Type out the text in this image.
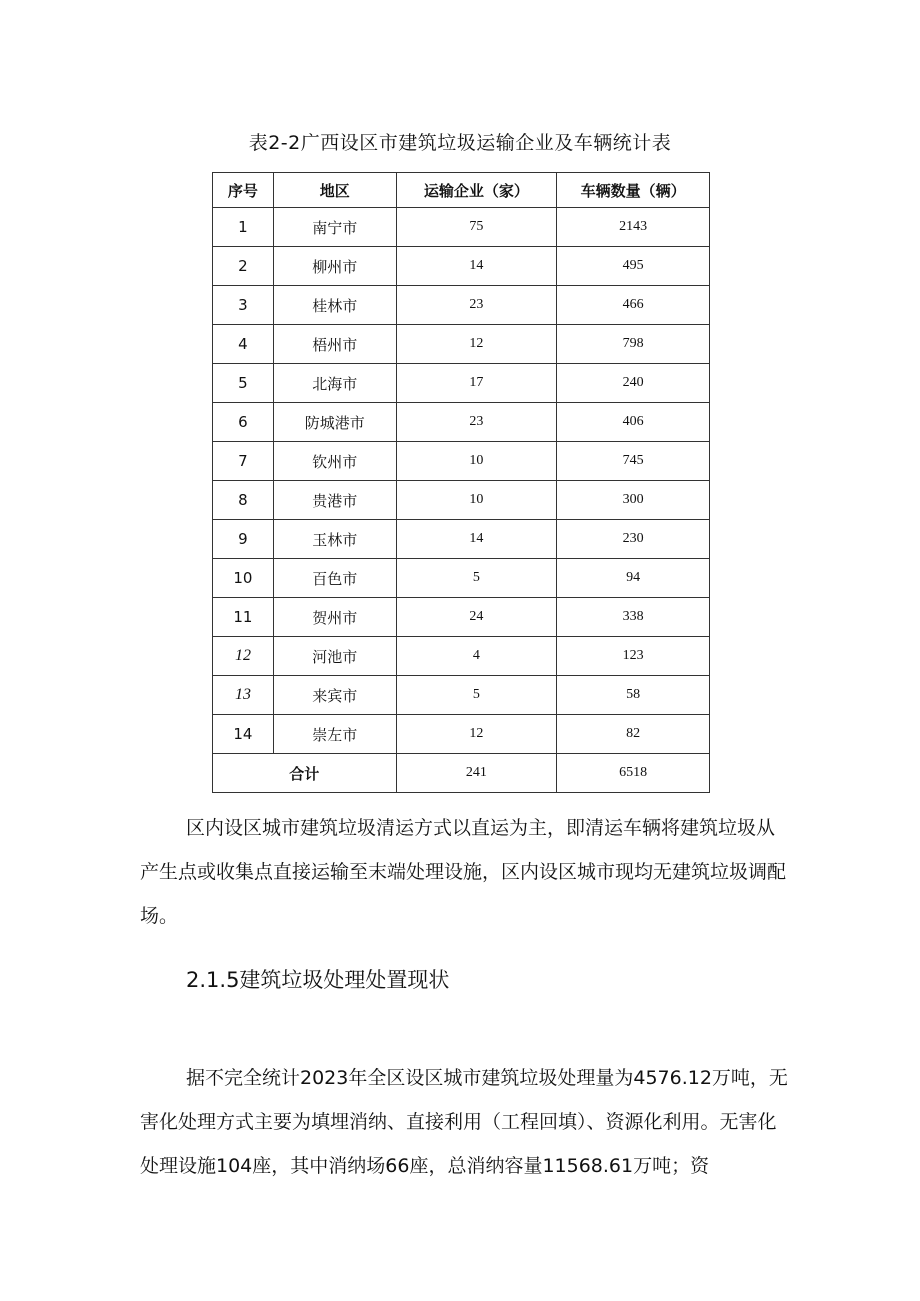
表2-2广西设区市建筑垃圾运输企业及车辆统计表
序号	地区	运输企业（家）	车辆数量（辆）
1	南宁市	75	2143
2	柳州市	14	495
3	桂林市	23	466
4	梧州市	12	798
5	北海市	17	240
6	防城港市	23	406
7	钦州市	10	745
8	贵港市	10	300
9	玉林市	14	230
10	百色市	5	94
11	贺州市	24	338
12	河池市	4	123
13	来宾市	5	58
14	崇左市	12	82
合计		241	6518

区内设区城市建筑垃圾清运方式以直运为主，即清运车辆将建筑垃圾从产生点或收集点直接运输至末端处理设施，区内设区城市现均无建筑垃圾调配场。

2.1.5建筑垃圾处理处置现状

据不完全统计2023年全区设区城市建筑垃圾处理量为4576.12万吨，无害化处理方式主要为填埋消纳、直接利用（工程回填）、资源化利用。无害化处理设施104座，其中消纳场66座，总消纳容量11568.61万吨；资
